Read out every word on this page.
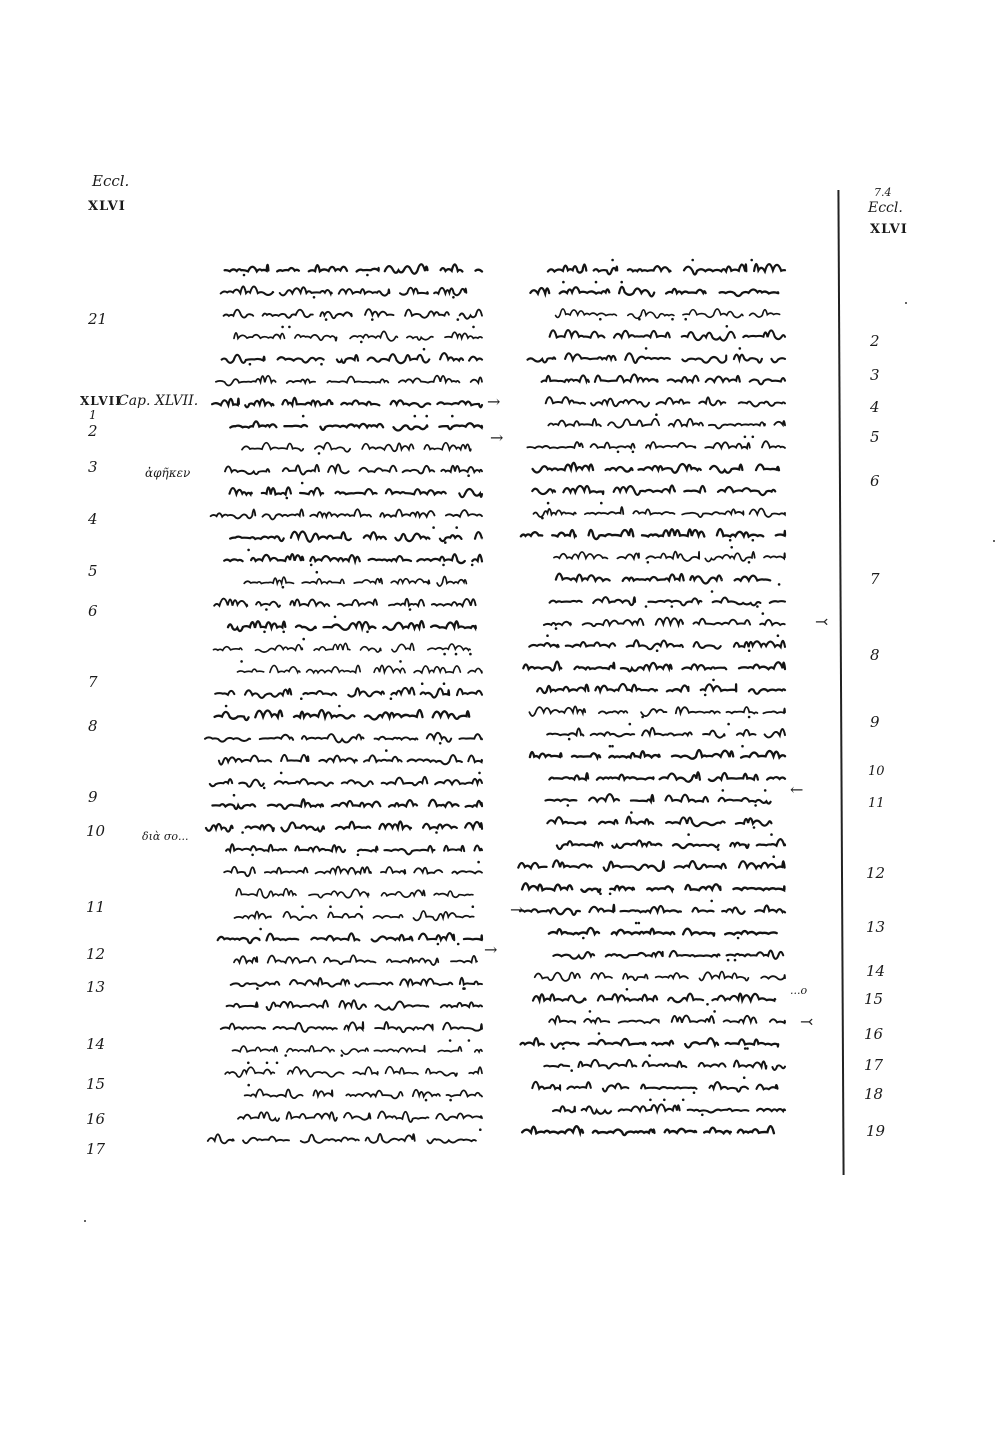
Eccl.
XLVI
21
XLVII
Cap. XLVII.
1
2
3	ἀφῆκεν
4
5
6
7
8
9
10	διὰ σο...
11
12
13
14
15
16
17
7.4
Eccl.
XLVI
2
3
4
5
6
7
8
9
10
11
12
13
14
15
16
17
18
19
...ο
→
→
⤙
←
→
→
⤙
